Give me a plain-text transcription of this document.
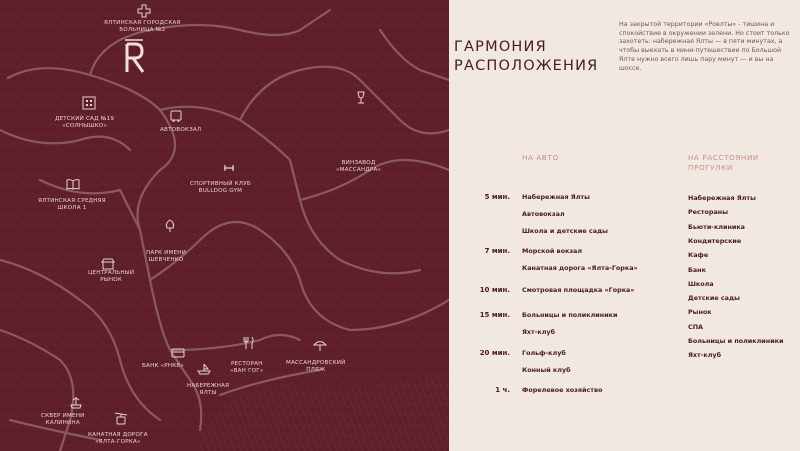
ЯЛТИНСКАЯ ГОРОДСКАЯ
БОЛЬНИЦА №2
ДЕТСКИЙ САД №19
«СОЛНЫШКО»
АВТОВОКЗАЛ
ВИНЗАВОД
«МАССАНДРА»
СПОРТИВНЫЙ КЛУБ
BULLDOG GYM
ЯЛТИНСКАЯ СРЕДНЯЯ
ШКОЛА 1
ПАРК ИМЕНИ
ШЕВЧЕНКО
ЦЕНТРАЛЬНЫЙ
РЫНОК
БАНК «РНКБ»	РЕСТОРАН
«ВАН ГОГ»
МАССАНДРОВСКИЙ
ПЛЯЖ
НАБЕРЕЖНАЯ
ЯЛТЫ
СКВЕР ИМЕНИ
КАЛИНИНА
КАНАТНАЯ ДОРОГА
«ЯЛТА-ГОРКА»
ГАРМОНИЯ
РАСПОЛОЖЕНИЯ
На закрытой территории «Ровлты» - тишина и спокойствие в окружении зелени. Но стоит только захотеть: набережная Ялты — в пяти минутах, а чтобы выехать в мини-путешествие по Большой Ялте нужно всего лишь пару минут — и вы на шоссе.
НА АВТО	НА РАССТОЯНИИ
ПРОГУЛКИ
5 мин. Набережная Ялты
Автовокзал
Школа и детские сады
7 мин. Морской вокзал
Канатная дорога «Ялта-Горка»
10 мин. Смотровая площадка «Горка»
15 мин. Больницы и поликлиники
Яхт-клуб
20 мин. Гольф-клуб
Конный клуб
1 ч. Форелевое хозяйство
Набережная Ялты
Рестораны
Бьюти-клиника
Кондитерские
Кафе
Банк
Школа
Детские сады
Рынок
СПА
Больницы и поликлиники
Яхт-клуб
